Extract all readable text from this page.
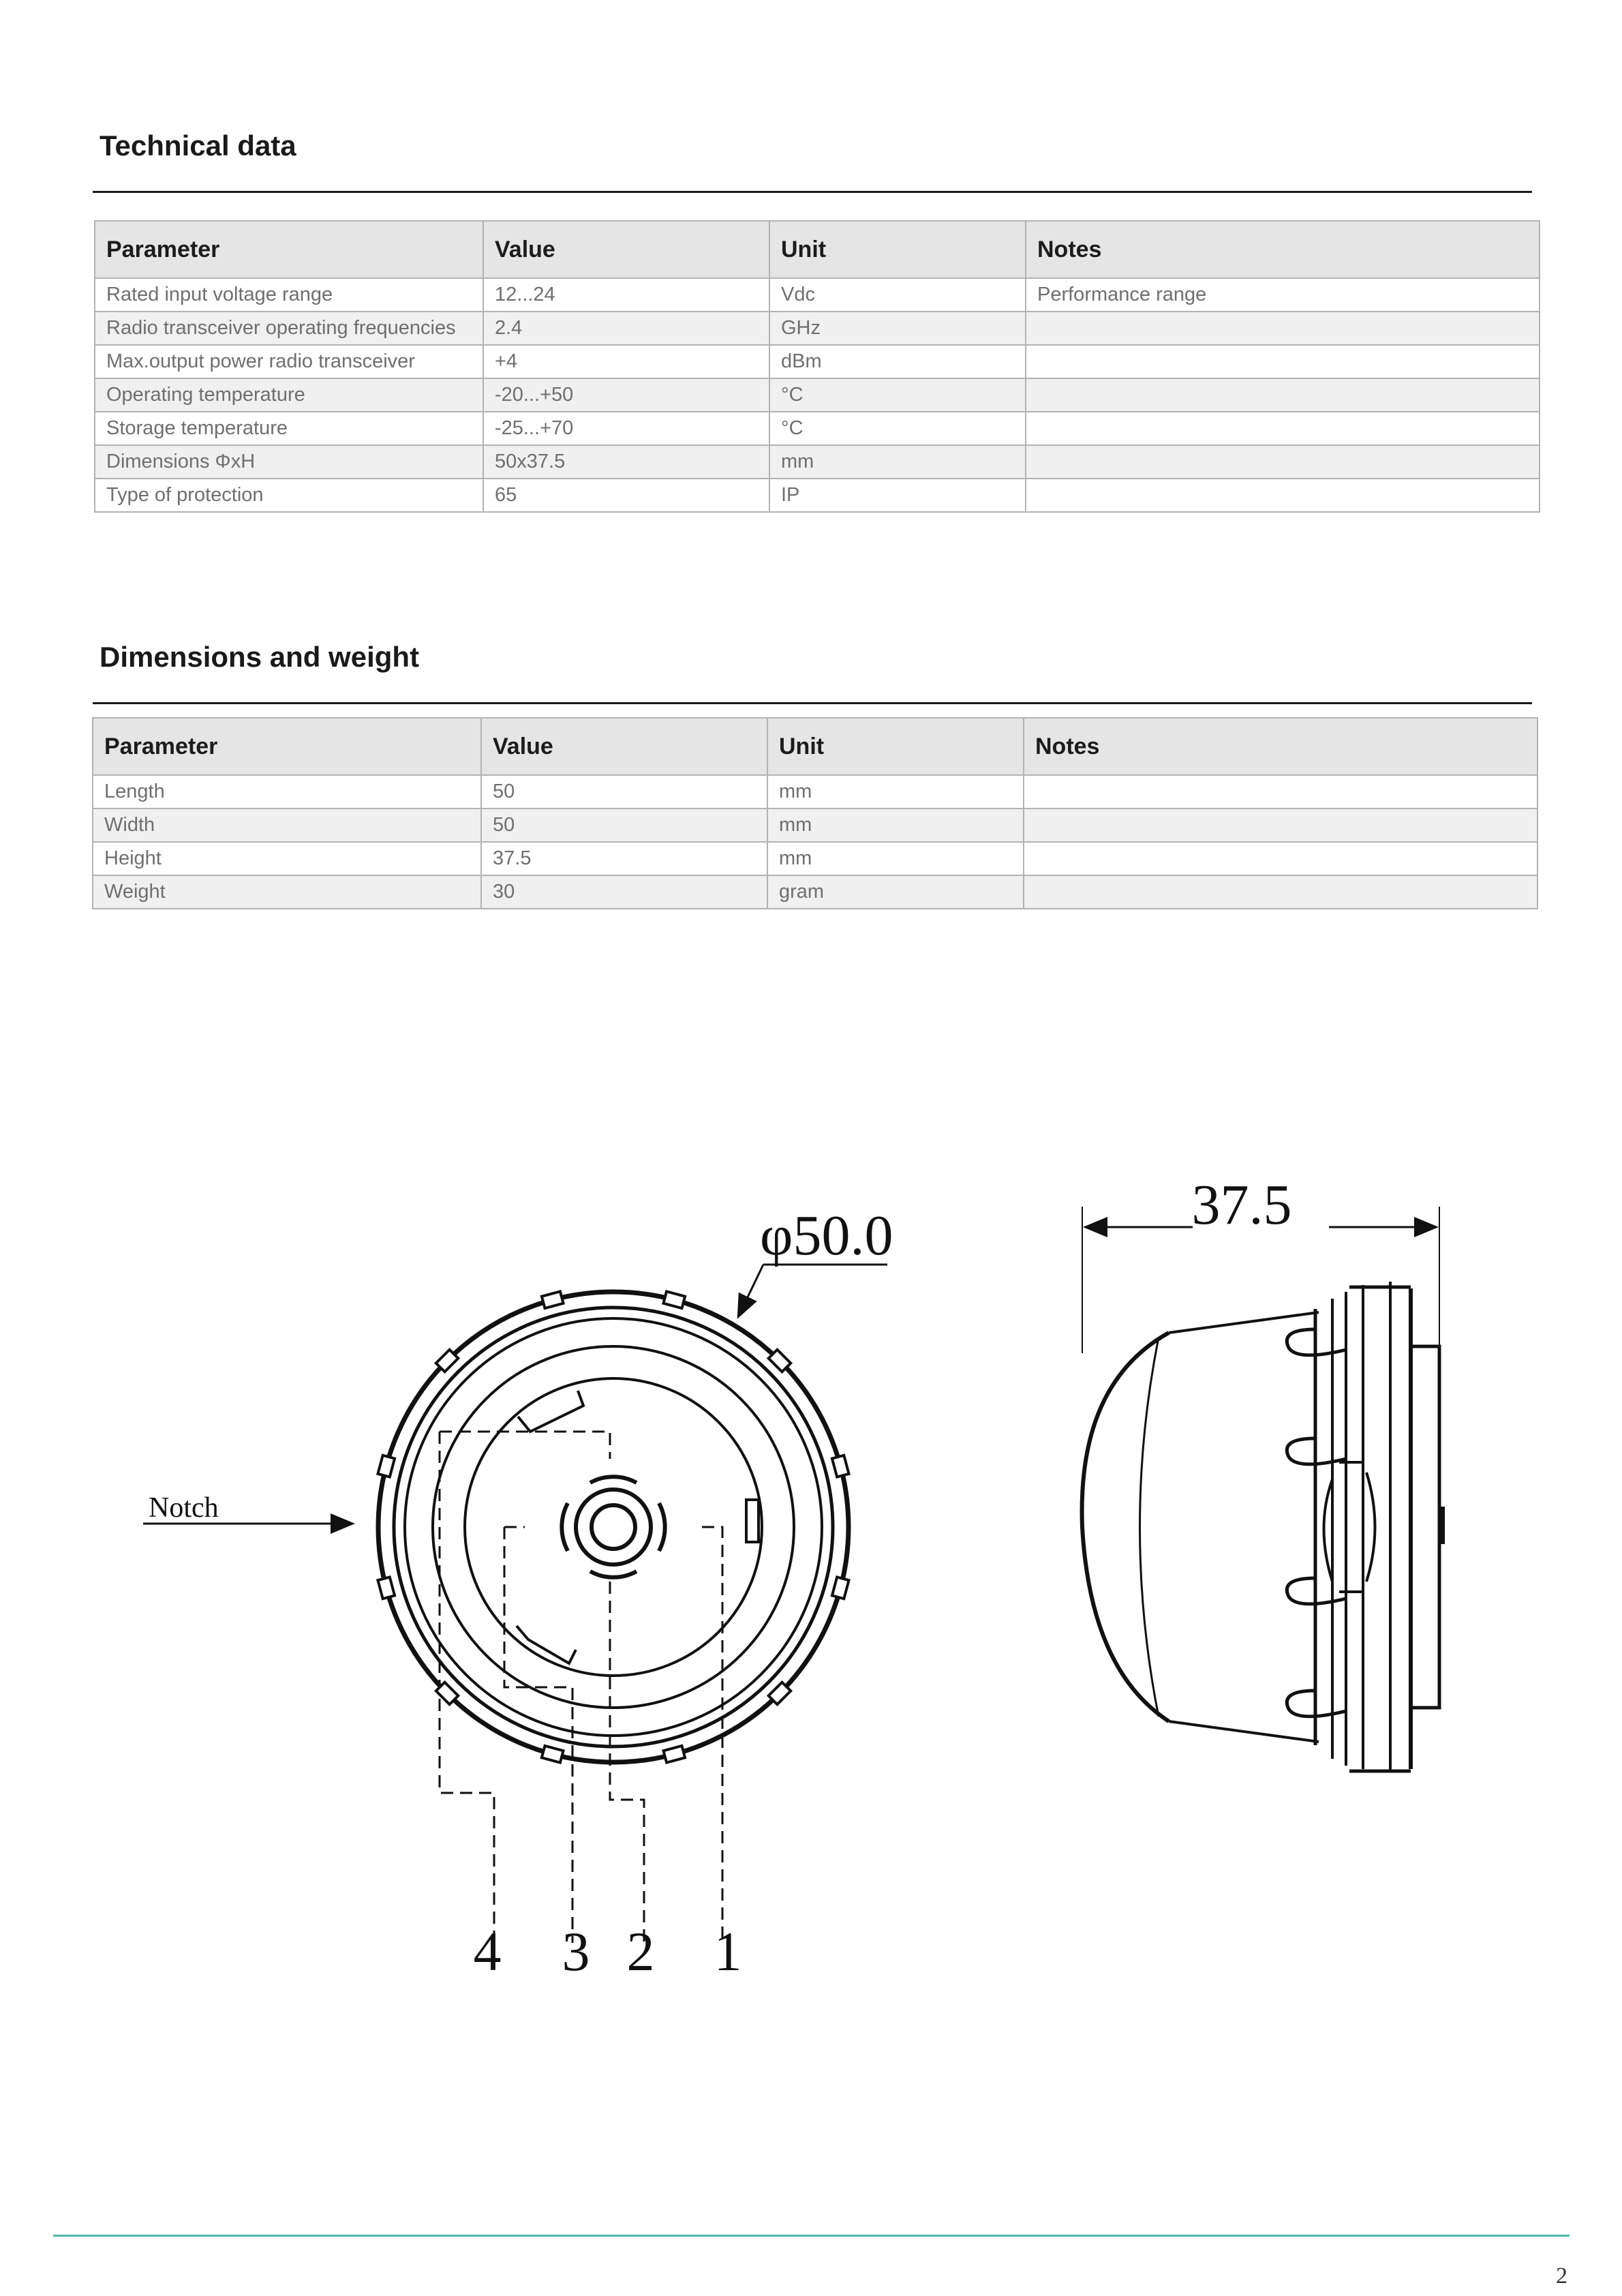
Technical data
Parameter	Value	Unit	Notes
Rated input voltage range	12...24	Vdc	Performance range
Radio transceiver operating frequencies	2.4	GHz	
Max.output power radio transceiver	+4	dBm	
Operating temperature	-20...+50	°C	
Storage temperature	-25...+70	°C	
Dimensions ΦxH	50x37.5	mm	
Type of protection	65	IP	
Dimensions and weight
Parameter	Value	Unit	Notes
Length	50	mm	
Width	50	mm	
Height	37.5	mm	
Weight	30	gram	
φ50.0
Notch
4 3 2 1
37.5
2
